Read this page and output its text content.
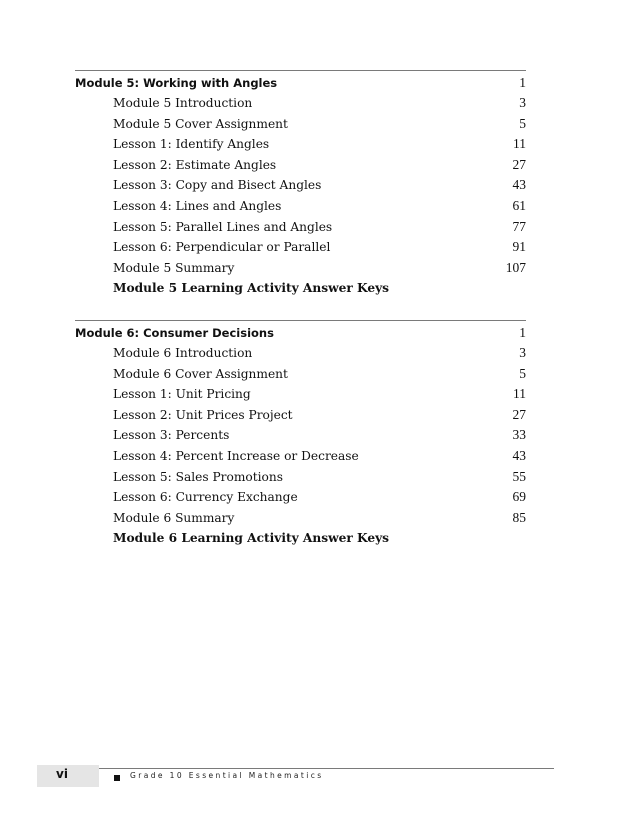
Module 5: Working with Angles	1
Module 5 Introduction	3
Module 5 Cover Assignment	5
Lesson 1: Identify Angles	11
Lesson 2: Estimate Angles	27
Lesson 3: Copy and Bisect Angles	43
Lesson 4: Lines and Angles	61
Lesson 5: Parallel Lines and Angles	77
Lesson 6: Perpendicular or Parallel	91
Module 5 Summary	107
Module 5 Learning Activity Answer Keys
Module 6: Consumer Decisions	1
Module 6 Introduction	3
Module 6 Cover Assignment	5
Lesson 1: Unit Pricing	11
Lesson 2: Unit Prices Project	27
Lesson 3: Percents	33
Lesson 4: Percent Increase or Decrease	43
Lesson 5: Sales Promotions	55
Lesson 6: Currency Exchange	69
Module 6 Summary	85
Module 6 Learning Activity Answer Keys
vi	Grade 10 Essential Mathematics
